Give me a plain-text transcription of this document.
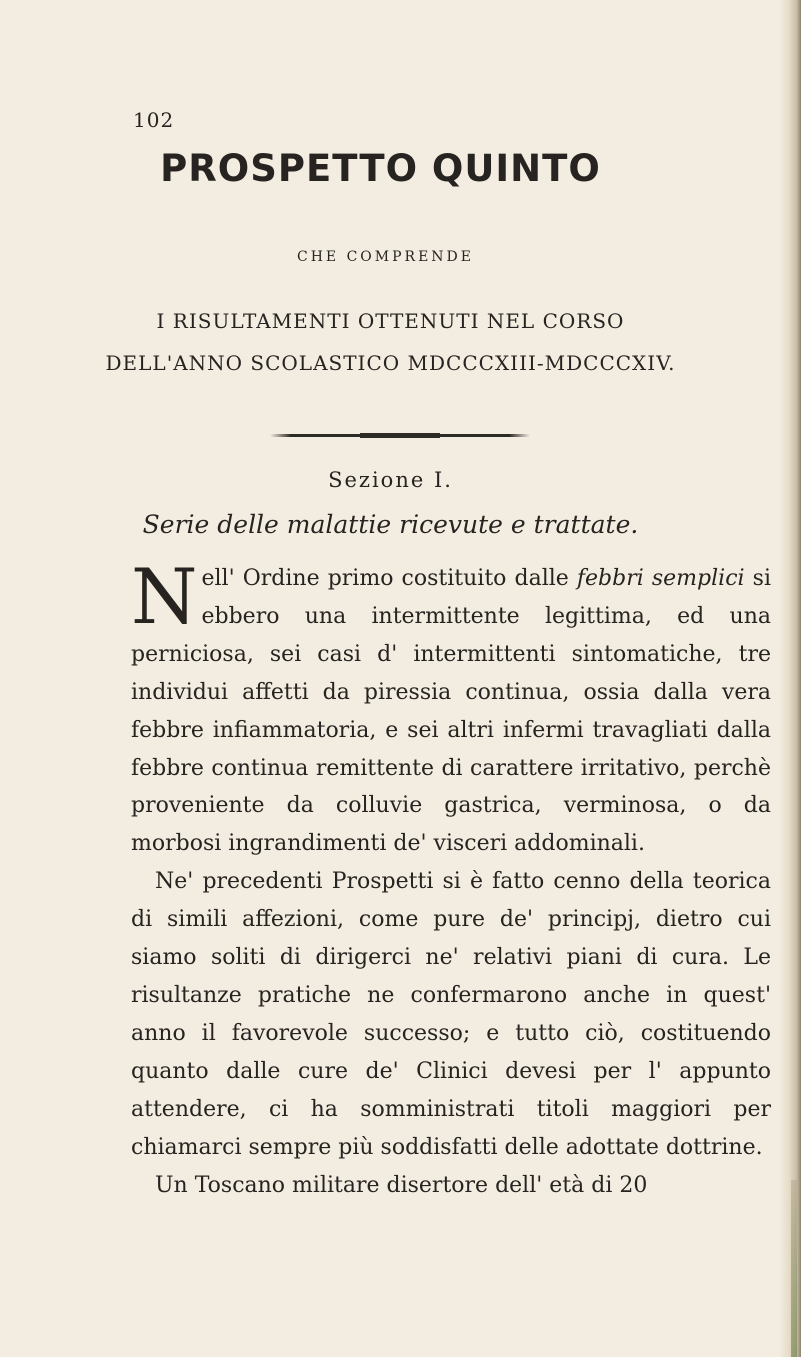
102
PROSPETTO QUINTO
CHE COMPRENDE
I RISULTAMENTI OTTENUTI NEL CORSO
DELL'ANNO SCOLASTICO MDCCCXIII-MDCCCXIV.
Sezione I.
Serie delle malattie ricevute e trattate.

Nell' Ordine primo costituito dalle febbri semplici si ebbero una intermittente legittima, ed una perniciosa, sei casi d' intermittenti sintomatiche, tre individui affetti da piressia continua, ossia dalla vera febbre infiammatoria, e sei altri infermi travagliati dalla febbre continua remittente di carattere irritativo, perchè proveniente da colluvie gastrica, verminosa, o da morbosi ingrandimenti de' visceri addominali.

Ne' precedenti Prospetti si è fatto cenno della teorica di simili affezioni, come pure de' principj, dietro cui siamo soliti di dirigerci ne' relativi piani di cura. Le risultanze pratiche ne confermarono anche in quest' anno il favorevole successo; e tutto ciò, costituendo quanto dalle cure de' Clinici devesi per l' appunto attendere, ci ha somministrati titoli maggiori per chiamarci sempre più soddisfatti delle adottate dottrine.

Un Toscano militare disertore dell' età di 20
